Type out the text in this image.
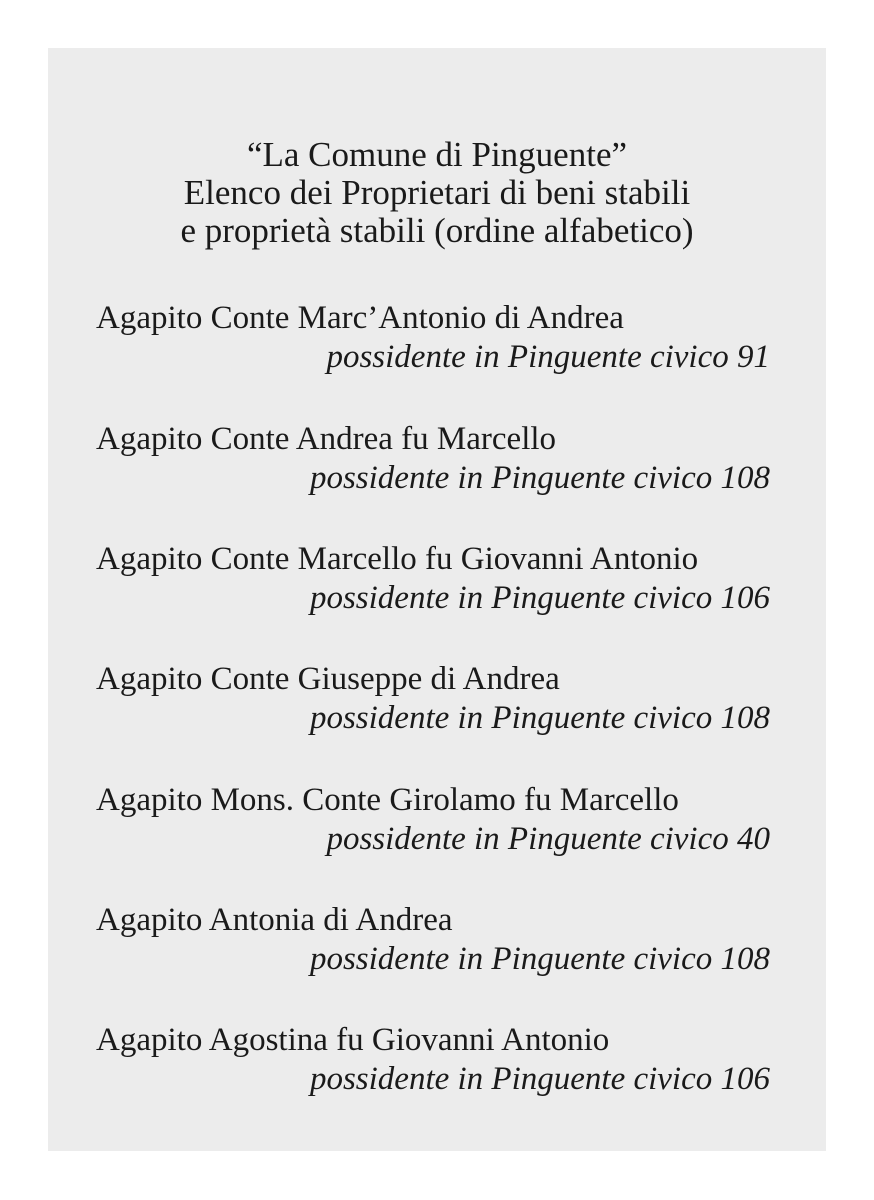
“La Comune di Pinguente”
Elenco dei Proprietari di beni stabili
e proprietà stabili (ordine alfabetico)
Agapito Conte Marc’Antonio di Andrea
possidente in Pinguente civico 91
Agapito Conte Andrea fu Marcello
possidente in Pinguente civico 108
Agapito Conte Marcello fu Giovanni Antonio
possidente in Pinguente civico 106
Agapito Conte Giuseppe di Andrea
possidente in Pinguente civico 108
Agapito Mons. Conte Girolamo fu Marcello
possidente in Pinguente civico 40
Agapito Antonia di Andrea
possidente in Pinguente civico 108
Agapito Agostina fu Giovanni Antonio
possidente in Pinguente civico 106
